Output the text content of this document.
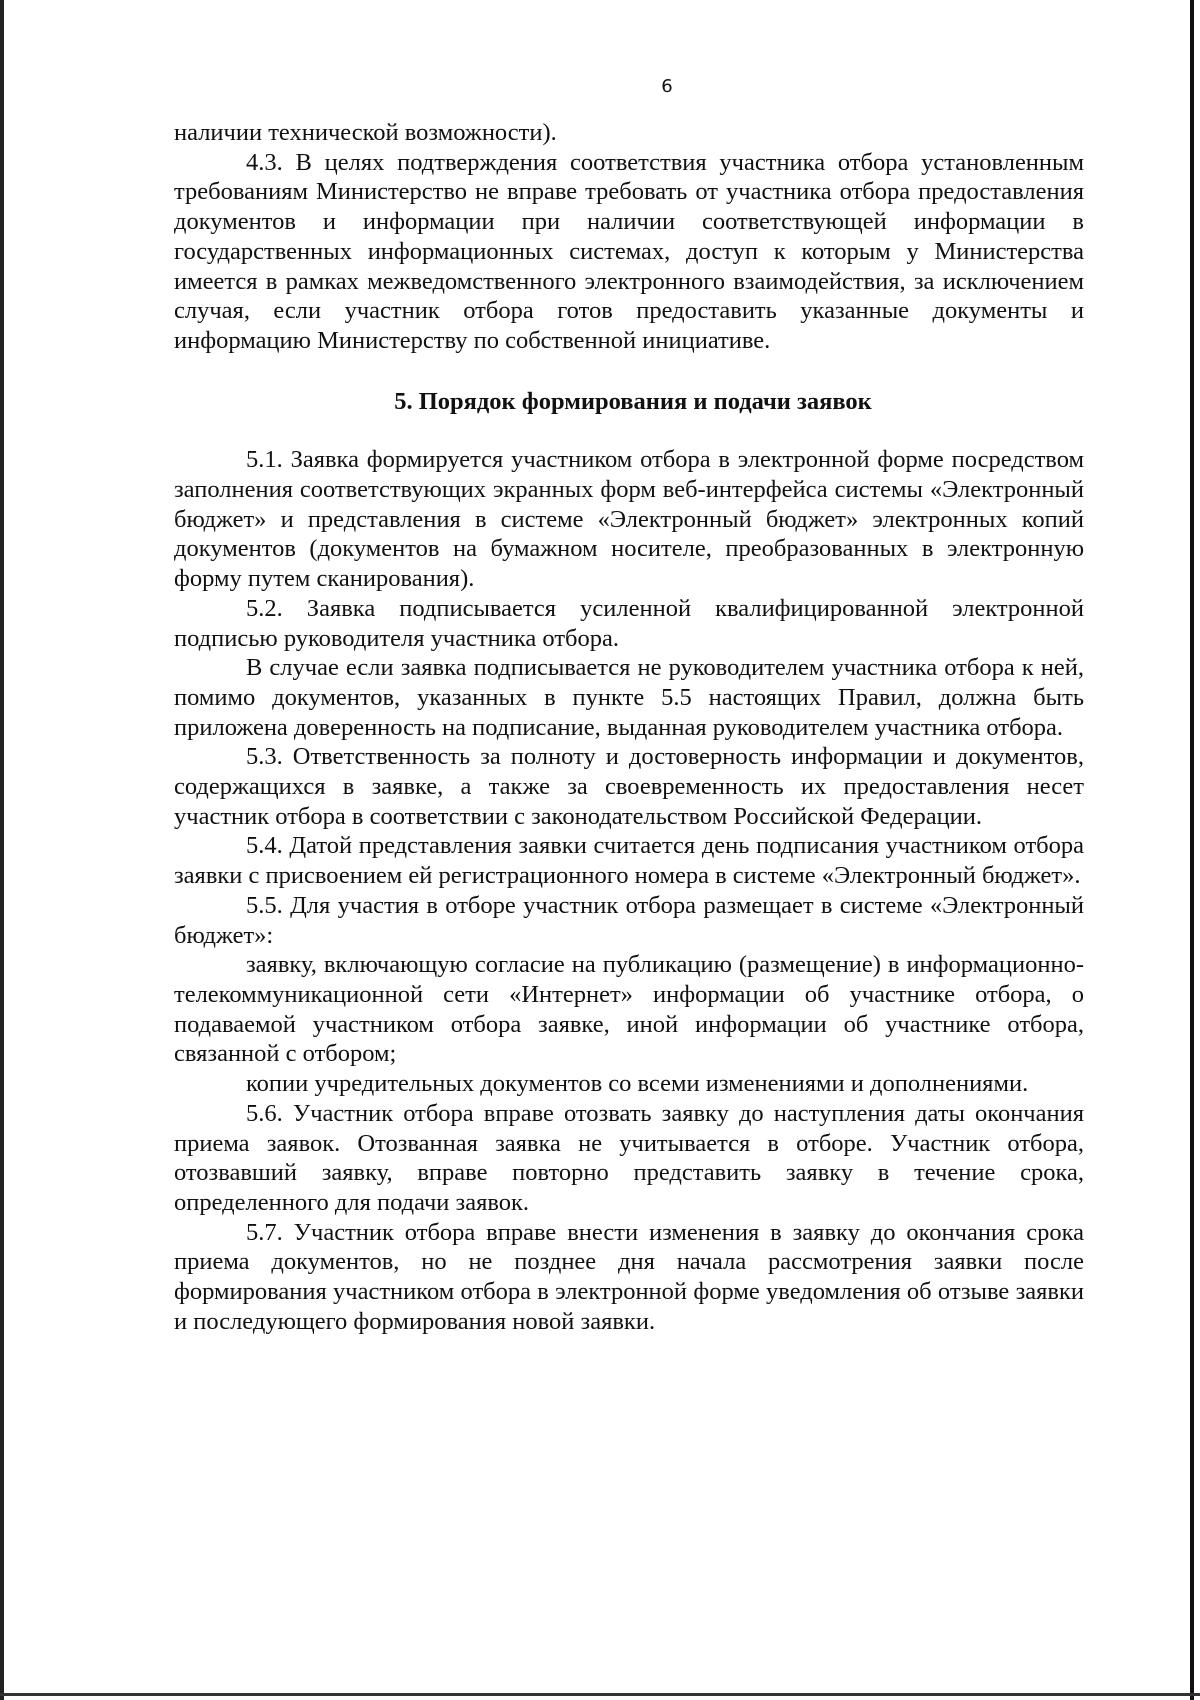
6

наличии технической возможности).

4.3. В целях подтверждения соответствия участника отбора установленным требованиям Министерство не вправе требовать от участника отбора предоставления документов и информации при наличии соответствующей информации в государственных информационных системах, доступ к которым у Министерства имеется в рамках межведомственного электронного взаимодействия, за исключением случая, если участник отбора готов предоставить указанные документы и информацию Министерству по собственной инициативе.

5. Порядок формирования и подачи заявок

5.1. Заявка формируется участником отбора в электронной форме посредством заполнения соответствующих экранных форм веб-интерфейса системы «Электронный бюджет» и представления в системе «Электронный бюджет» электронных копий документов (документов на бумажном носителе, преобразованных в электронную форму путем сканирования).

5.2. Заявка подписывается усиленной квалифицированной электронной подписью руководителя участника отбора.

В случае если заявка подписывается не руководителем участника отбора к ней, помимо документов, указанных в пункте 5.5 настоящих Правил, должна быть приложена доверенность на подписание, выданная руководителем участника отбора.

5.3. Ответственность за полноту и достоверность информации и документов, содержащихся в заявке, а также за своевременность их предоставления несет участник отбора в соответствии с законодательством Российской Федерации.

5.4. Датой представления заявки считается день подписания участником отбора заявки с присвоением ей регистрационного номера в системе «Электронный бюджет».

5.5. Для участия в отборе участник отбора размещает в системе «Электронный бюджет»:

заявку, включающую согласие на публикацию (размещение) в информационно-телекоммуникационной сети «Интернет» информации об участнике отбора, о подаваемой участником отбора заявке, иной информации об участнике отбора, связанной с отбором;

копии учредительных документов со всеми изменениями и дополнениями.

5.6. Участник отбора вправе отозвать заявку до наступления даты окончания приема заявок. Отозванная заявка не учитывается в отборе. Участник отбора, отозвавший заявку, вправе повторно представить заявку в течение срока, определенного для подачи заявок.

5.7. Участник отбора вправе внести изменения в заявку до окончания срока приема документов, но не позднее дня начала рассмотрения заявки после формирования участником отбора в электронной форме уведомления об отзыве заявки и последующего формирования новой заявки.
